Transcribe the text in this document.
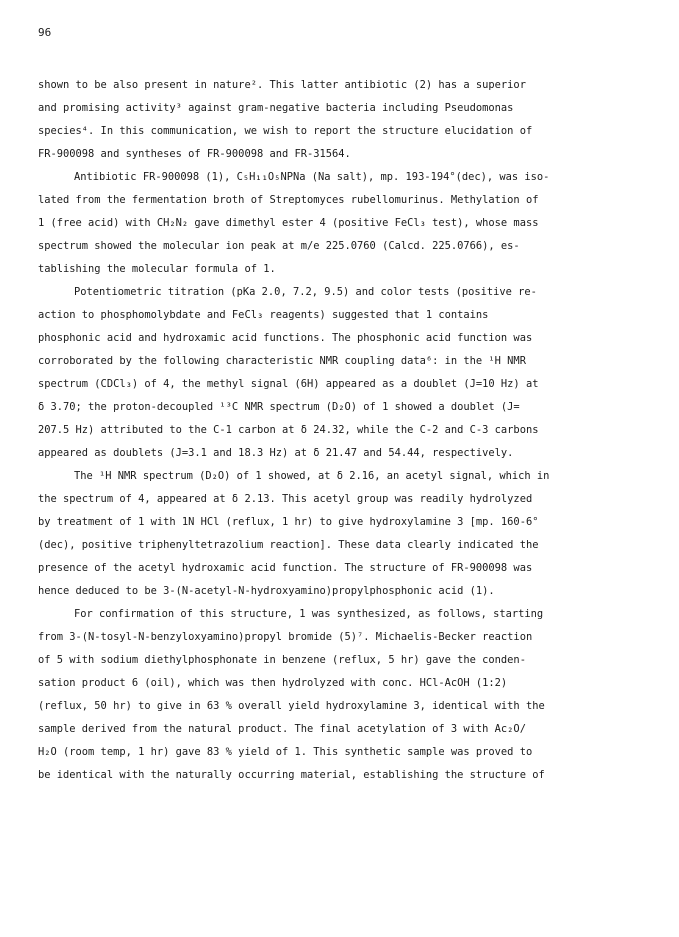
96
shown to be also present in nature². This latter antibiotic (2) has a superior
and promising activity³ against gram-negative bacteria including Pseudomonas
species⁴. In this communication, we wish to report the structure elucidation of
FR-900098 and syntheses of FR-900098 and FR-31564.
Antibiotic FR-900098 (1), C₅H₁₁O₅NPNa (Na salt), mp. 193-194°(dec), was iso-
lated from the fermentation broth of Streptomyces rubellomurinus. Methylation of
1 (free acid) with CH₂N₂ gave dimethyl ester 4 (positive FeCl₃ test), whose mass
spectrum showed the molecular ion peak at m/e 225.0760 (Calcd. 225.0766), es-
tablishing the molecular formula of 1.
Potentiometric titration (pKa 2.0, 7.2, 9.5) and color tests (positive re-
action to phosphomolybdate and FeCl₃ reagents) suggested that 1 contains
phosphonic acid and hydroxamic acid functions. The phosphonic acid function was
corroborated by the following characteristic NMR coupling data⁶: in the ¹H NMR
spectrum (CDCl₃) of 4, the methyl signal (6H) appeared as a doublet (J=10 Hz) at
δ 3.70; the proton-decoupled ¹³C NMR spectrum (D₂O) of 1 showed a doublet (J=
207.5 Hz) attributed to the C-1 carbon at δ 24.32, while the C-2 and C-3 carbons
appeared as doublets (J=3.1 and 18.3 Hz) at δ 21.47 and 54.44, respectively.
The ¹H NMR spectrum (D₂O) of 1 showed, at δ 2.16, an acetyl signal, which in
the spectrum of 4, appeared at δ 2.13. This acetyl group was readily hydrolyzed
by treatment of 1 with 1N HCl (reflux, 1 hr) to give hydroxylamine 3 [mp. 160-6°
(dec), positive triphenyltetrazolium reaction]. These data clearly indicated the
presence of the acetyl hydroxamic acid function. The structure of FR-900098 was
hence deduced to be 3-(N-acetyl-N-hydroxyamino)propylphosphonic acid (1).
For confirmation of this structure, 1 was synthesized, as follows, starting
from 3-(N-tosyl-N-benzyloxyamino)propyl bromide (5)⁷. Michaelis-Becker reaction
of 5 with sodium diethylphosphonate in benzene (reflux, 5 hr) gave the conden-
sation product 6 (oil), which was then hydrolyzed with conc. HCl-AcOH (1:2)
(reflux, 50 hr) to give in 63 % overall yield hydroxylamine 3, identical with the
sample derived from the natural product. The final acetylation of 3 with Ac₂O/
H₂O (room temp, 1 hr) gave 83 % yield of 1. This synthetic sample was proved to
be identical with the naturally occurring material, establishing the structure of
